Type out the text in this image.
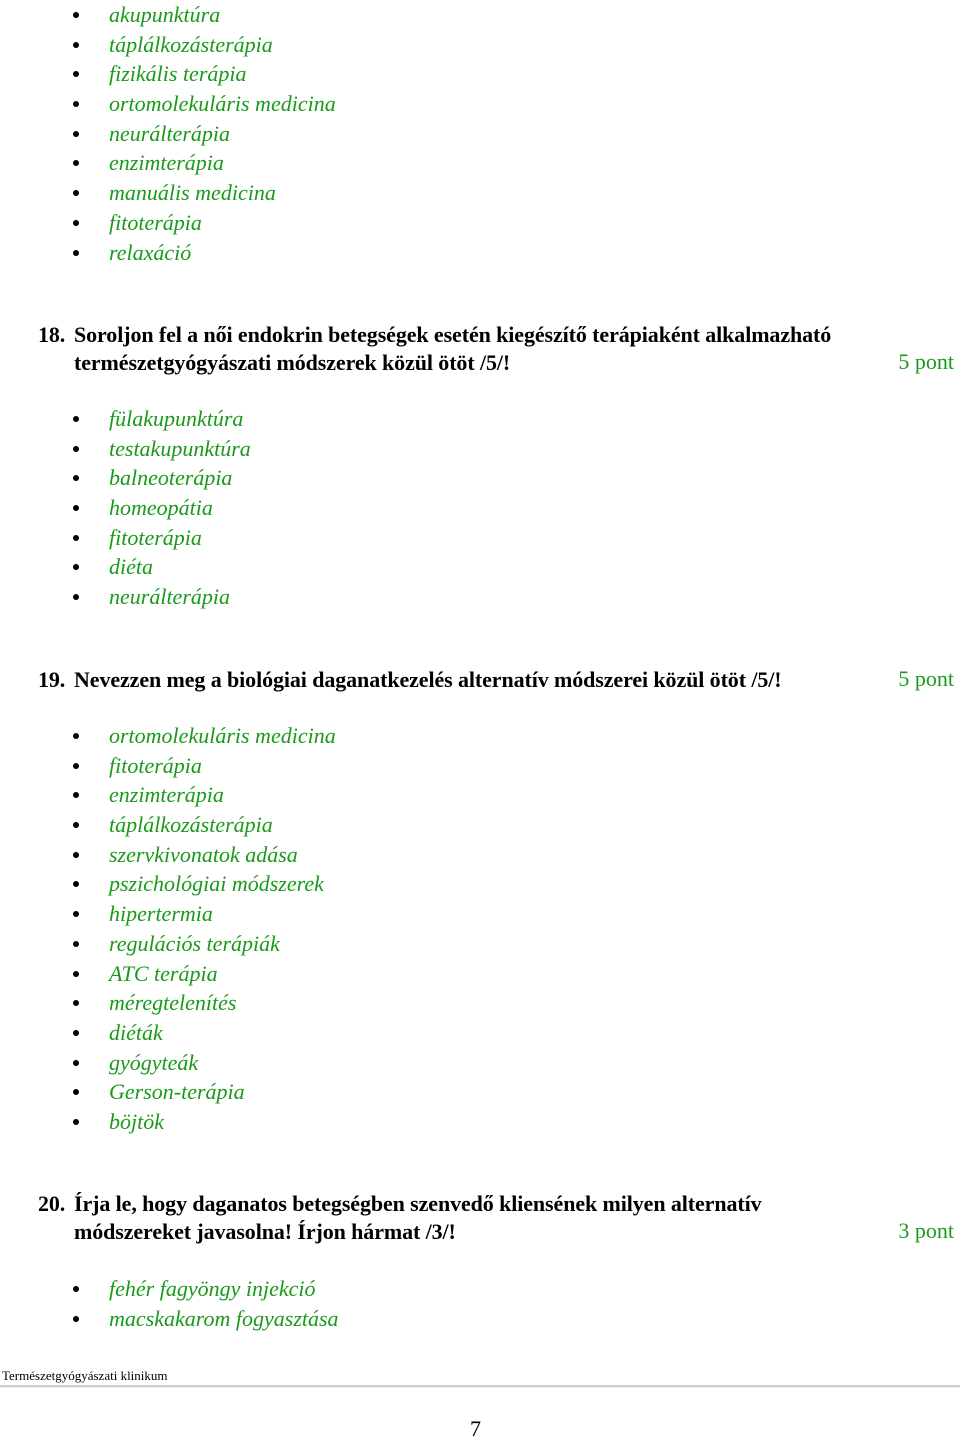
akupunktúra
táplálkozásterápia
fizikális terápia
ortomolekuláris medicina
neurálterápia
enzimterápia
manuális medicina
fitoterápia
relaxáció
18. Soroljon fel a női endokrin betegségek esetén kiegészítő terápiaként alkalmazható
természetgyógyászati módszerek közül ötöt /5/!	5 pont
fülakupunktúra
testakupunktúra
balneoterápia
homeopátia
fitoterápia
diéta
neurálterápia
19. Nevezzen meg a biológiai daganatkezelés alternatív módszerei közül ötöt /5/!	5 pont
ortomolekuláris medicina
fitoterápia
enzimterápia
táplálkozásterápia
szervkivonatok adása
pszichológiai módszerek
hipertermia
regulációs terápiák
ATC terápia
méregtelenítés
diéták
gyógyteák
Gerson-terápia
böjtök
20. Írja le, hogy daganatos betegségben szenvedő kliensének milyen alternatív
módszereket javasolna! Írjon hármat /3/!	3 pont
fehér fagyöngy injekció
macskakarom fogyasztása
Természetgyógyászati klinikum
7
